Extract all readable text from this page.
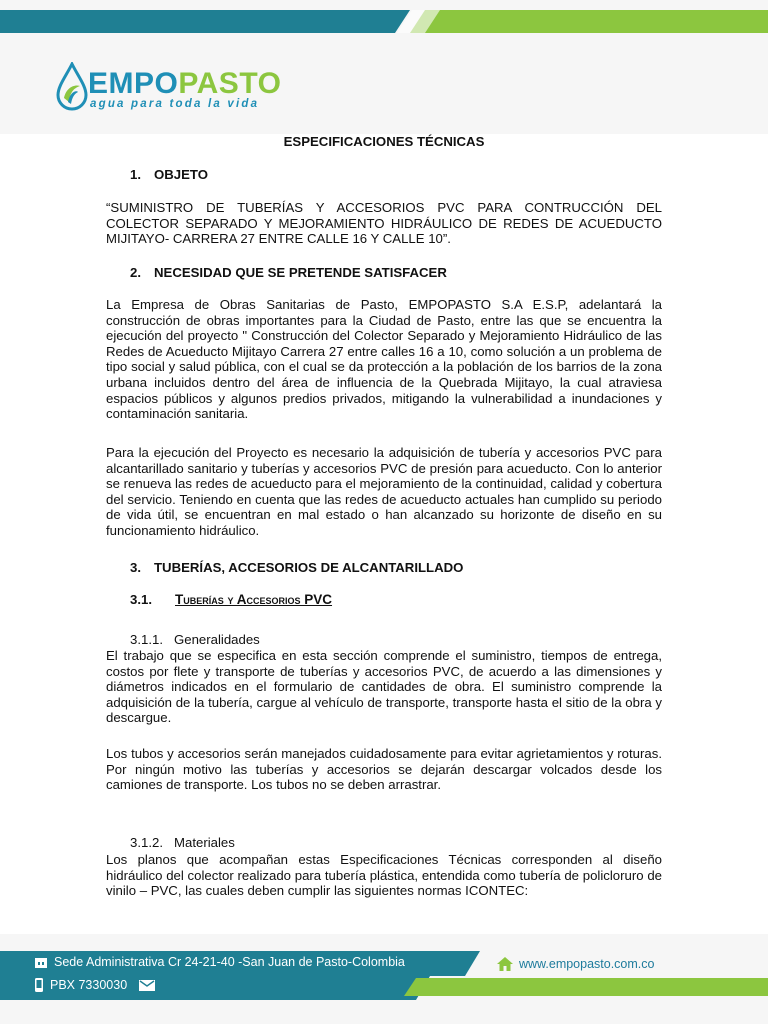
EMPOPASTO
agua para toda la vida
ESPECIFICACIONES TÉCNICAS
1. OBJETO
“SUMINISTRO DE TUBERÍAS Y ACCESORIOS PVC PARA CONTRUCCIÓN DEL COLECTOR SEPARADO Y MEJORAMIENTO HIDRÁULICO DE REDES DE ACUEDUCTO MIJITAYO- CARRERA 27 ENTRE CALLE 16 Y CALLE 10”.
2. NECESIDAD QUE SE PRETENDE SATISFACER
La Empresa de Obras Sanitarias de Pasto, EMPOPASTO S.A E.S.P, adelantará la construcción de obras importantes para la Ciudad de Pasto, entre las que se encuentra la ejecución del proyecto " Construcción del Colector Separado y Mejoramiento Hidráulico de las Redes de Acueducto Mijitayo Carrera 27 entre calles 16 a 10, como solución a un problema de tipo social y salud pública, con el cual se da protección a la población de los barrios de la zona urbana incluidos dentro del área de influencia de la Quebrada Mijitayo, la cual atraviesa espacios públicos y algunos predios privados, mitigando la vulnerabilidad a inundaciones y contaminación sanitaria.
Para la ejecución del Proyecto es necesario la adquisición de tubería y accesorios PVC para alcantarillado sanitario y tuberías y accesorios PVC de presión para acueducto. Con lo anterior se renueva las redes de acueducto para el mejoramiento de la continuidad, calidad y cobertura del servicio. Teniendo en cuenta que las redes de acueducto actuales han cumplido su periodo de vida útil, se encuentran en mal estado o han alcanzado su horizonte de diseño en su funcionamiento hidráulico.
3. TUBERÍAS, ACCESORIOS DE ALCANTARILLADO
3.1. Tuberías y Accesorios PVC
3.1.1. Generalidades
El trabajo que se especifica en esta sección comprende el suministro, tiempos de entrega, costos por flete y transporte de tuberías y accesorios PVC, de acuerdo a las dimensiones y diámetros indicados en el formulario de cantidades de obra. El suministro comprende la adquisición de la tubería, cargue al vehículo de transporte, transporte hasta el sitio de la obra y descargue.
Los tubos y accesorios serán manejados cuidadosamente para evitar agrietamientos y roturas. Por ningún motivo las tuberías y accesorios se dejarán descargar volcados desde los camiones de transporte. Los tubos no se deben arrastrar.
3.1.2. Materiales
Los planos que acompañan estas Especificaciones Técnicas corresponden al diseño hidráulico del colector realizado para tubería plástica, entendida como tubería de policloruro de vinilo – PVC, las cuales deben cumplir las siguientes normas ICONTEC:
Sede Administrativa Cr 24-21-40 -San Juan de Pasto-Colombia
PBX 7330030
www.empopasto.com.co
